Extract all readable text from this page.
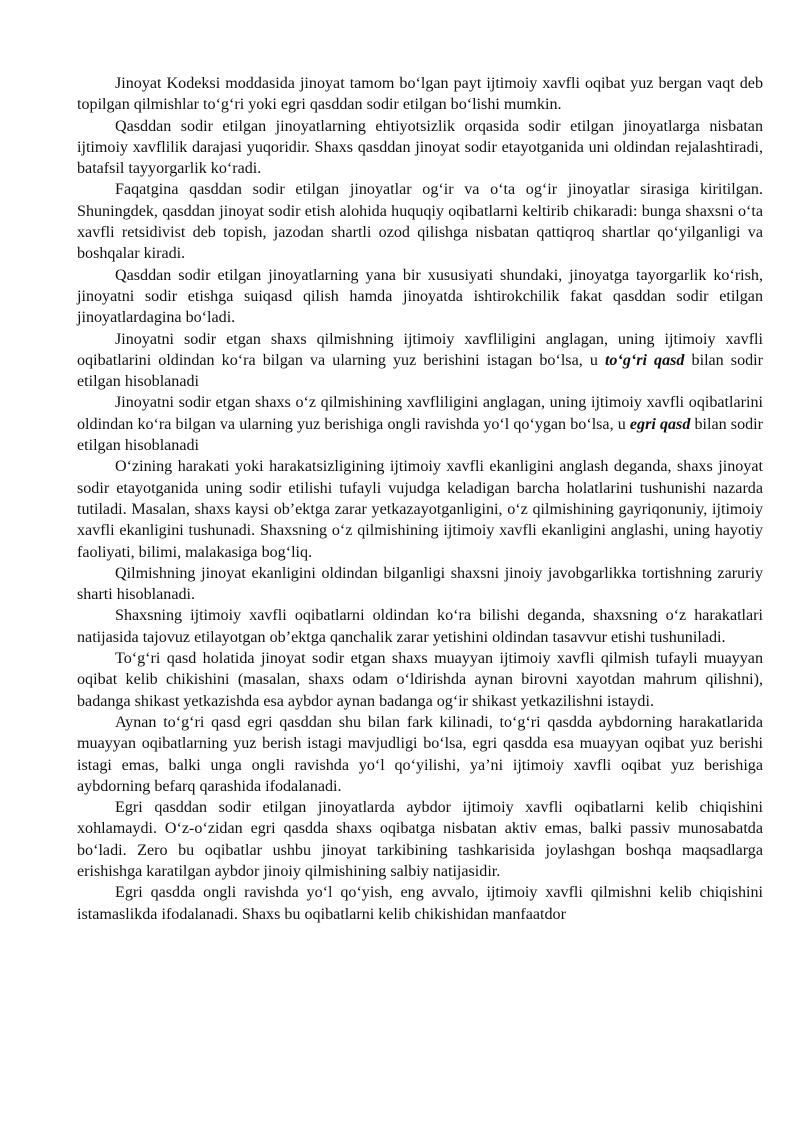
Jinoyat Kodeksi moddasida jinoyat tamom bo‘lgan payt ijtimoiy xavfli oqibat yuz bergan vaqt deb topilgan qilmishlar to‘g‘ri yoki egri qasddan sodir etilgan bo‘lishi mumkin.

Qasddan sodir etilgan jinoyatlarning ehtiyotsizlik orqasida sodir etilgan jinoyatlarga nisbatan ijtimoiy xavflilik darajasi yuqoridir. Shaxs qasddan jinoyat sodir etayotganida uni oldindan rejalashtiradi, batafsil tayyorgarlik ko‘radi.

Faqatgina qasddan sodir etilgan jinoyatlar og‘ir va o‘ta og‘ir jinoyatlar sirasiga kiritilgan. Shuningdek, qasddan jinoyat sodir etish alohida huquqiy oqibatlarni keltirib chikaradi: bunga shaxsni o‘ta xavfli retsidivist deb topish, jazodan shartli ozod qilishga nisbatan qattiqroq shartlar qo‘yilganligi va boshqalar kiradi.

Qasddan sodir etilgan jinoyatlarning yana bir xususiyati shundaki, jinoyatga tayorgarlik ko‘rish, jinoyatni sodir etishga suiqasd qilish hamda jinoyatda ishtirokchilik fakat qasddan sodir etilgan jinoyatlardagina bo‘ladi.

Jinoyatni sodir etgan shaxs qilmishning ijtimoiy xavfliligini anglagan, uning ijtimoiy xavfli oqibatlarini oldindan ko‘ra bilgan va ularning yuz berishini istagan bo‘lsa, u to‘g‘ri qasd bilan sodir etilgan hisoblanadi

Jinoyatni sodir etgan shaxs o‘z qilmishining xavfliligini anglagan, uning ijtimoiy xavfli oqibatlarini oldindan ko‘ra bilgan va ularning yuz berishiga ongli ravishda yo‘l qo‘ygan bo‘lsa, u egri qasd bilan sodir etilgan hisoblanadi

O‘zining harakati yoki harakatsizligining ijtimoiy xavfli ekanligini anglash deganda, shaxs jinoyat sodir etayotganida uning sodir etilishi tufayli vujudga keladigan barcha holatlarini tushunishi nazarda tutiladi. Masalan, shaxs kaysi ob’ektga zarar yetkazayotganligini, o‘z qilmishining gayriqonuniy, ijtimoiy xavfli ekanligini tushunadi. Shaxsning o‘z qilmishining ijtimoiy xavfli ekanligini anglashi, uning hayotiy faoliyati, bilimi, malakasiga bog‘liq.

Qilmishning jinoyat ekanligini oldindan bilganligi shaxsni jinoiy javobgarlikka tortishning zaruriy sharti hisoblanadi.

Shaxsning ijtimoiy xavfli oqibatlarni oldindan ko‘ra bilishi deganda, shaxsning o‘z harakatlari natijasida tajovuz etilayotgan ob’ektga qanchalik zarar yetishini oldindan tasavvur etishi tushuniladi.

To‘g‘ri qasd holatida jinoyat sodir etgan shaxs muayyan ijtimoiy xavfli qilmish tufayli muayyan oqibat kelib chikishini (masalan, shaxs odam o‘ldirishda aynan birovni xayotdan mahrum qilishni), badanga shikast yetkazishda esa aybdor aynan badanga og‘ir shikast yetkazilishni istaydi.

Aynan to‘g‘ri qasd egri qasddan shu bilan fark kilinadi, to‘g‘ri qasdda aybdorning harakatlarida muayyan oqibatlarning yuz berish istagi mavjudligi bo‘lsa, egri qasdda esa muayyan oqibat yuz berishi istagi emas, balki unga ongli ravishda yo‘l qo‘yilishi, ya’ni ijtimoiy xavfli oqibat yuz berishiga aybdorning befarq qarashida ifodalanadi.

Egri qasddan sodir etilgan jinoyatlarda aybdor ijtimoiy xavfli oqibatlarni kelib chiqishini xohlamaydi. O‘z-o‘zidan egri qasdda shaxs oqibatga nisbatan aktiv emas, balki passiv munosabatda bo‘ladi. Zero bu oqibatlar ushbu jinoyat tarkibining tashkarisida joylashgan boshqa maqsadlarga erishishga karatilgan aybdor jinoiy qilmishining salbiy natijasidir.

Egri qasdda ongli ravishda yo‘l qo‘yish, eng avvalo, ijtimoiy xavfli qilmishni kelib chiqishini istamaslikda ifodalanadi. Shaxs bu oqibatlarni kelib chikishidan manfaatdor
